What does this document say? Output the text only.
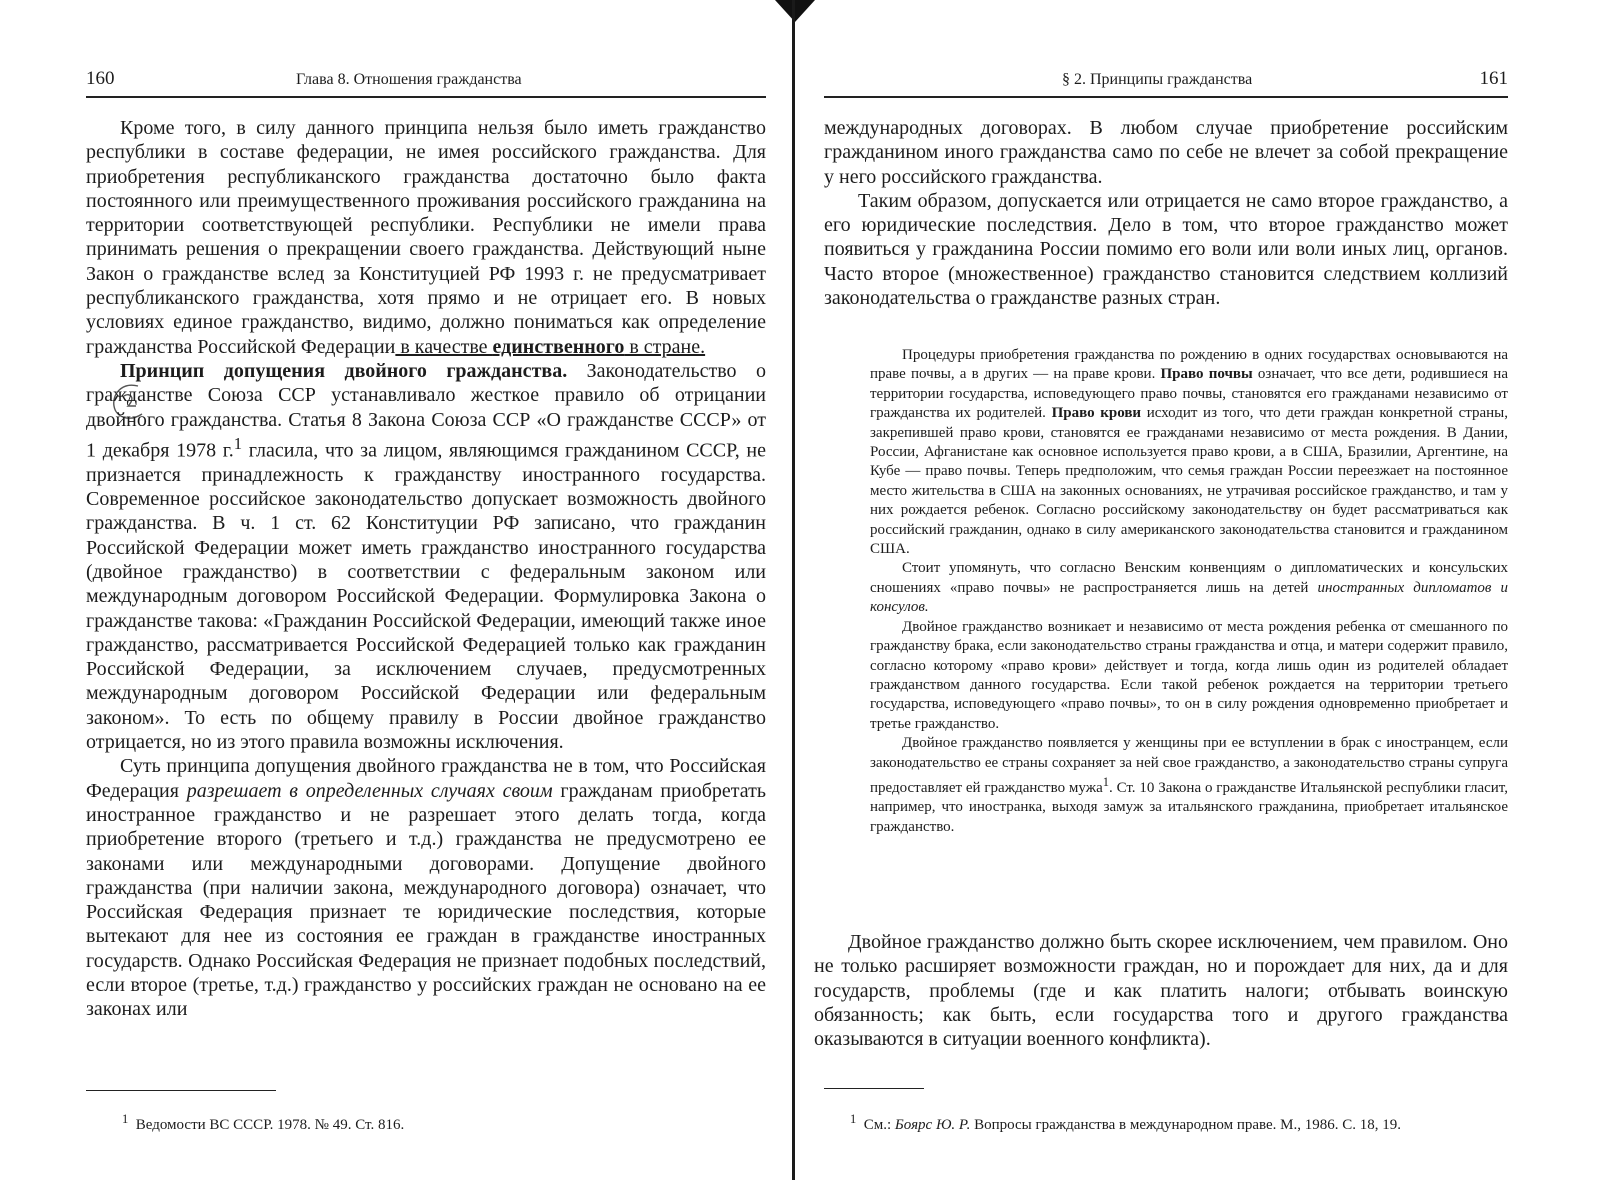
160	Глава 8. Отношения гражданства

Кроме того, в силу данного принципа нельзя было иметь гражданство республики в составе федерации, не имея российского гражданства. Для приобретения республиканского гражданства достаточно было факта постоянного или преимущественного проживания российского гражданина на территории соответствующей республики. Республики не имели права принимать решения о прекращении своего гражданства. Действующий ныне Закон о гражданстве вслед за Конституцией РФ 1993 г. не предусматривает республиканского гражданства, хотя прямо и не отрицает его. В новых условиях единое гражданство, видимо, должно пониматься как определение гражданства Российской Федерации в качестве единственного в стране.

Принцип допущения двойного гражданства. Законодательство о гражданстве Союза ССР устанавливало жесткое правило об отрицании двойного гражданства. Статья 8 Закона Союза ССР «О гражданстве СССР» от 1 декабря 1978 г.$^1$ гласила, что за лицом, являющимся гражданином СССР, не признается принадлежность к гражданству иностранного государства. Современное российское законодательство допускает возможность двойного гражданства. В ч. 1 ст. 62 Конституции РФ записано, что гражданин Российской Федерации может иметь гражданство иностранного государства (двойное гражданство) в соответствии с федеральным законом или международным договором Российской Федерации. Формулировка Закона о гражданстве такова: «Гражданин Российской Федерации, имеющий также иное гражданство, рассматривается Российской Федерацией только как гражданин Российской Федерации, за исключением случаев, предусмотренных международным договором Российской Федерации или федеральным законом». То есть по общему правилу в России двойное гражданство отрицается, но из этого правила возможны исключения.

Суть принципа допущения двойного гражданства не в том, что Российская Федерация разрешает в определенных случаях своим гражданам приобретать иностранное гражданство и не разрешает этого делать тогда, когда приобретение второго (третьего и т.д.) гражданства не предусмотрено ее законами или международными договорами. Допущение двойного гражданства (при наличии закона, международного договора) означает, что Российская Федерация признает те юридические последствия, которые вытекают для нее из состояния ее граждан в гражданстве иностранных государств. Однако Российская Федерация не признает подобных последствий, если второе (третье, т.д.) гражданство у российских граждан не основано на ее законах или

$^1$ Ведомости ВС СССР. 1978. № 49. Ст. 816.
§ 2. Принципы гражданства	161

международных договорах. В любом случае приобретение российским гражданином иного гражданства само по себе не влечет за собой прекращение у него российского гражданства.

Таким образом, допускается или отрицается не само второе гражданство, а его юридические последствия. Дело в том, что второе гражданство может появиться у гражданина России помимо его воли или воли иных лиц, органов. Часто второе (множественное) гражданство становится следствием коллизий законодательства о гражданстве разных стран.

Процедуры приобретения гражданства по рождению в одних государствах основываются на праве почвы, а в других — на праве крови. Право почвы означает, что все дети, родившиеся на территории государства, исповедующего право почвы, становятся его гражданами независимо от гражданства их родителей. Право крови исходит из того, что дети граждан конкретной страны, закрепившей право крови, становятся ее гражданами независимо от места рождения. В Дании, России, Афганистане как основное используется право крови, а в США, Бразилии, Аргентине, на Кубе — право почвы. Теперь предположим, что семья граждан России переезжает на постоянное место жительства в США на законных основаниях, не утрачивая российское гражданство, и там у них рождается ребенок. Согласно российскому законодательству он будет рассматриваться как российский гражданин, однако в силу американского законодательства становится и гражданином США.

Стоит упомянуть, что согласно Венским конвенциям о дипломатических и консульских сношениях «право почвы» не распространяется лишь на детей иностранных дипломатов и консулов.

Двойное гражданство возникает и независимо от места рождения ребенка от смешанного по гражданству брака, если законодательство страны гражданства и отца, и матери содержит правило, согласно которому «право крови» действует и тогда, когда лишь один из родителей обладает гражданством данного государства. Если такой ребенок рождается на территории третьего государства, исповедующего «право почвы», то он в силу рождения одновременно приобретает и третье гражданство.

Двойное гражданство появляется у женщины при ее вступлении в брак с иностранцем, если законодательство ее страны сохраняет за ней свое гражданство, а законодательство страны супруга предоставляет ей гражданство мужа$^1$. Ст. 10 Закона о гражданстве Итальянской республики гласит, например, что иностранка, выходя замуж за итальянского гражданина, приобретает итальянское гражданство.

Двойное гражданство должно быть скорее исключением, чем правилом. Оно не только расширяет возможности граждан, но и порождает для них, да и для государств, проблемы (где и как платить налоги; отбывать воинскую обязанность; как быть, если государства того и другого гражданства оказываются в ситуации военного конфликта).

$^1$ См.: Боярс Ю. Р. Вопросы гражданства в международном праве. М., 1986. С. 18, 19.
